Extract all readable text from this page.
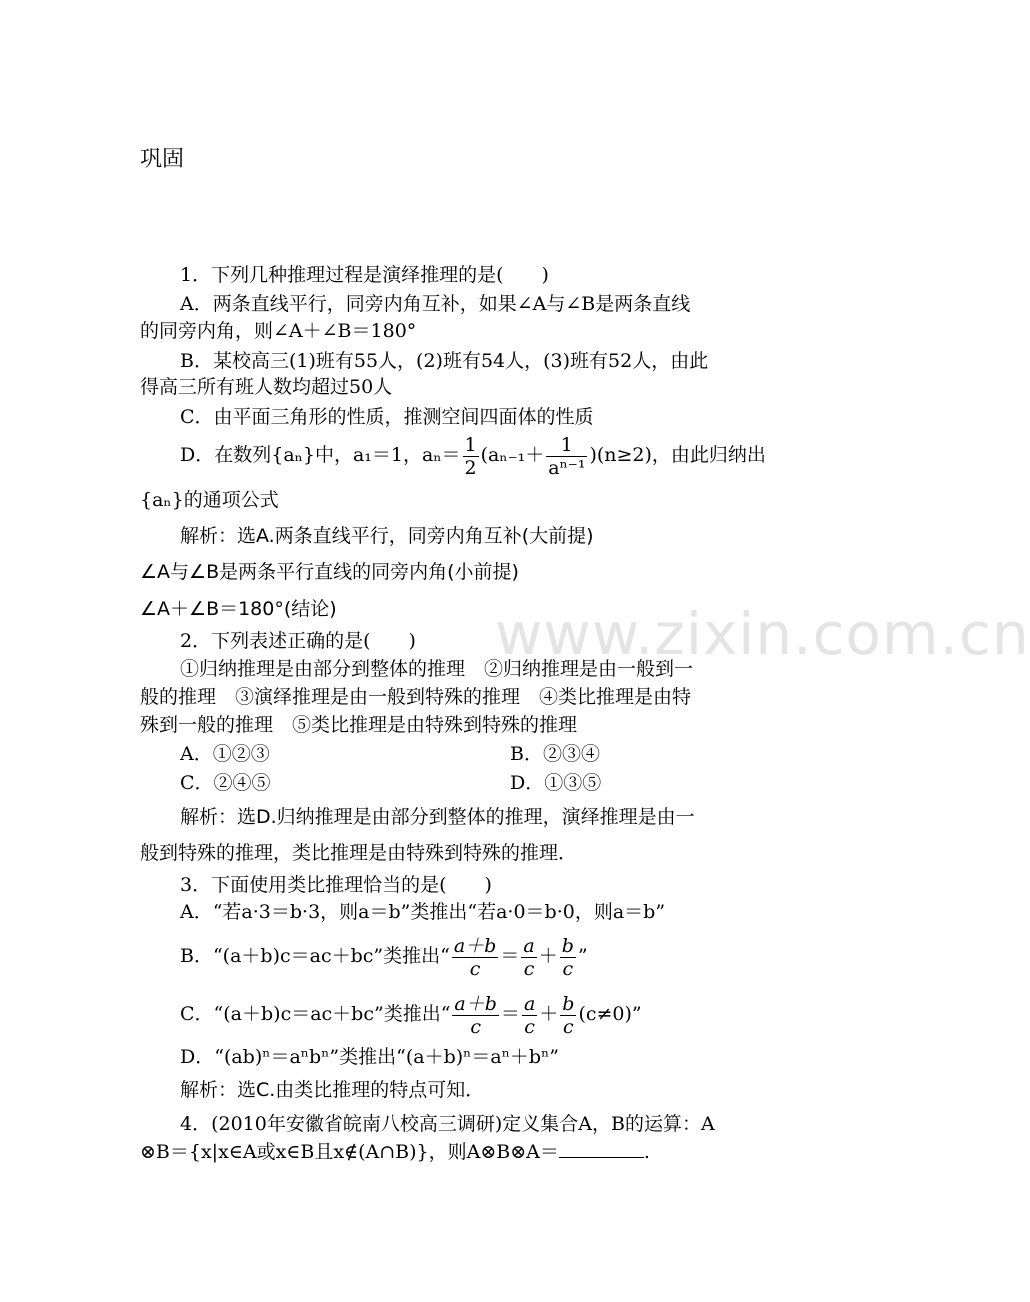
巩固
www.zixin.com.cn
1．下列几种推理过程是演绎推理的是(　　)
A．两条直线平行，同旁内角互补，如果∠A与∠B是两条直线
的同旁内角，则∠A＋∠B＝180°
B．某校高三(1)班有55人，(2)班有54人，(3)班有52人，由此
得高三所有班人数均超过50人
C．由平面三角形的性质，推测空间四面体的性质
D．在数列{aₙ}中，a₁＝1，$a_n= \frac{1}{2} (a_{n-1}+ \frac{1}{\text{aⁿ⁻¹}} )(n\ge 2)$，由此归纳出
{aₙ}的通项公式
解析：选A.两条直线平行，同旁内角互补(大前提)
∠A与∠B是两条平行直线的同旁内角(小前提)
∠A＋∠B＝180°(结论)
2．下列表述正确的是(　　)
①归纳推理是由部分到整体的推理　②归纳推理是由一般到一
般的推理　③演绎推理是由一般到特殊的推理　④类比推理是由特
殊到一般的推理　⑤类比推理是由特殊到特殊的推理
A．①②③	B．②③④
C．②④⑤	D．①③⑤
解析：选D.归纳推理是由部分到整体的推理，演绎推理是由一
般到特殊的推理，类比推理是由特殊到特殊的推理．
3．下面使用类比推理恰当的是(　　)
A．“若a·3＝b·3，则a＝b”类推出“若a·0＝b·0，则a＝b”
B．“(a＋b)c＝ac＋bc”类推出“ $\frac{a+b}{c} = \frac{a}{c} + \frac{b}{c}$ ”
C．“(a＋b)c＝ac＋bc”类推出“ $\frac{a+b}{c} = \frac{a}{c} + \frac{b}{c} (c\ne 0)$”
D．“(ab)ⁿ＝aⁿbⁿ”类推出“(a＋b)ⁿ＝aⁿ＋bⁿ”
解析：选C.由类比推理的特点可知．
4．(2010年安徽省皖南八校高三调研)定义集合A，B的运算：A
⊗B＝{x|x∈A或x∈B且x∉(A∩B)}，则A⊗B⊗A＝	.
